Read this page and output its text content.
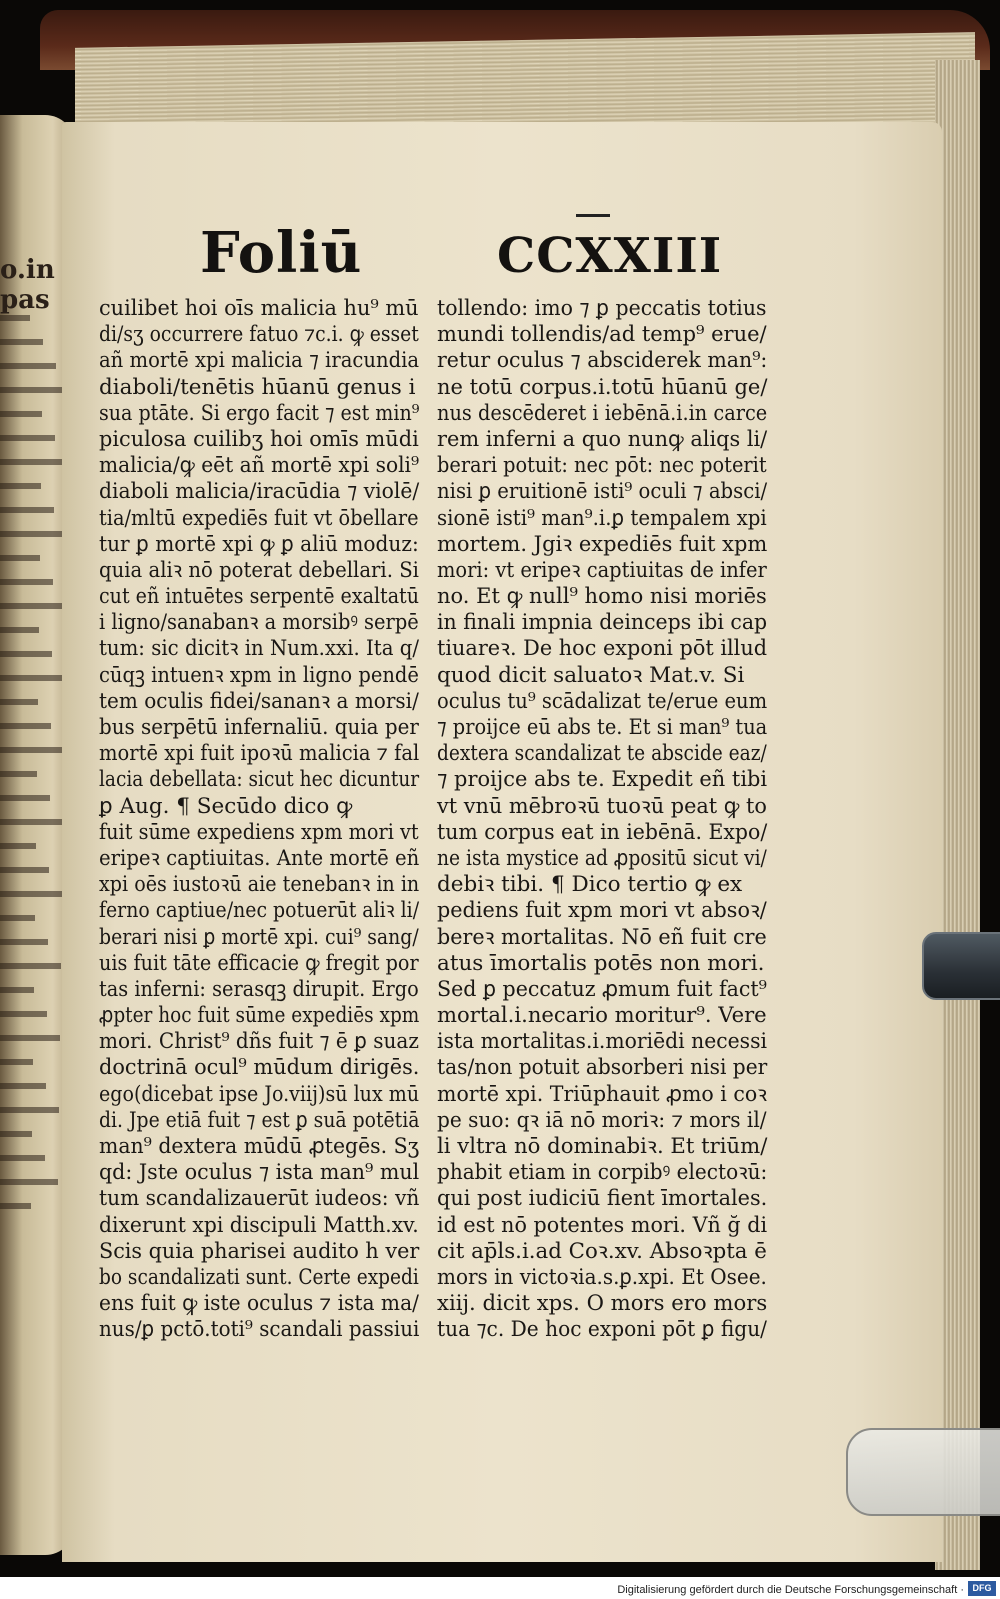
o.in pas
Foliū	CCXXIII
cuilibet hoi oīs malicia hu⁹ mū
di/sʒ occurrere fatuo ⁊c.i. ꝙ esset
añ mortē xpi malicia ⁊ iracundia
diaboli/tenētis hūanū genus i
sua ptāte. Si ergo facit ⁊ est min⁹
piculosa cuilibʒ hoi omīs mūdi
malicia/ꝙ eēt añ mortē xpi soli⁹
diaboli malicia/iracūdia ⁊ violē/
tia/mltū expediēs fuit vt ōbellare
tur ꝑ mortē xpi ꝙ ꝑ aliū moduz:
quia aliꝛ nō poterat debellari. Si
cut eñ intuētes serpentē exaltatū
i ligno/sanabanꝛ a morsibꝰ serpē
tum: sic dicitꝛ in Num.xxi. Ita q/
cūqꝫ intuenꝛ xpm in ligno pendē
tem oculis fidei/sananꝛ a morsi/
bus serpētū infernaliū. quia per
mortē xpi fuit ipoꝛū malicia ⁊ fal
lacia debellata: sicut hec dicuntur
ꝑ Aug. ¶ Secūdo dico ꝙ
fuit sūme expediens xpm mori vt
eripeꝛ captiuitas. Ante mortē eñ
xpi oēs iustoꝛū aie tenebanꝛ in in
ferno captiue/nec potuerūt aliꝛ li/
berari nisi ꝑ mortē xpi. cui⁹ sang/
uis fuit tāte efficacie ꝙ fregit por
tas inferni: serasqꝫ dirupit. Ergo
ꝓpter hoc fuit sūme expediēs xpm
mori. Christ⁹ dñs fuit ⁊ ē ꝑ suaz
doctrinā ocul⁹ mūdum dirigēs.
ego(dicebat ipse Jo.viij)sū lux mū
di. Jpe etiā fuit ⁊ est ꝑ suā potētiā
man⁹ dextera mūdū ꝓtegēs. Sʒ
qd: Jste oculus ⁊ ista man⁹ mul
tum scandalizauerūt iudeos: vñ
dixerunt xpi discipuli Matth.xv.
Scis quia pharisei audito h ver
bo scandalizati sunt. Certe expedi
ens fuit ꝙ iste oculus ⁊ ista ma/
nus/ꝑ pctō.toti⁹ scandali passiui
tollendo: imo ⁊ ꝑ peccatis totius
mundi tollendis/ad temp⁹ erue/
retur oculus ⁊ absciderek man⁹:
ne totū corpus.i.totū hūanū ge/
nus descēderet i iebēnā.i.in carce
rem inferni a quo nunꝙ aliqs li/
berari potuit: nec pōt: nec poterit
nisi ꝑ eruitionē isti⁹ oculi ⁊ absci/
sionē isti⁹ man⁹.i.ꝑ tempalem xpi
mortem. Jgiꝛ expediēs fuit xpm
mori: vt eripeꝛ captiuitas de infer
no. Et ꝙ null⁹ homo nisi moriēs
in finali impnia deinceps ibi cap
tiuareꝛ. De hoc exponi pōt illud
quod dicit saluatoꝛ Mat.v. Si
oculus tu⁹ scādalizat te/erue eum
⁊ proijce eū abs te. Et si man⁹ tua
dextera scandalizat te abscide eaz/
⁊ proijce abs te. Expedit eñ tibi
vt vnū mēbroꝛū tuoꝛū peat ꝙ to
tum corpus eat in iebēnā. Expo/
ne ista mystice ad ꝓpositū sicut vi/
debiꝛ tibi. ¶ Dico tertio ꝙ ex
pediens fuit xpm mori vt absoꝛ/
bereꝛ mortalitas. Nō eñ fuit cre
atus īmortalis potēs non mori.
Sed ꝑ peccatuz ꝓmum fuit fact⁹
mortal.i.necario moritur⁹. Vere
ista mortalitas.i.moriēdi necessi
tas/non potuit absorberi nisi per
mortē xpi. Triūphauit ꝓmo i coꝛ
pe suo: qꝛ iā nō moriꝛ: ⁊ mors il/
li vltra nō dominabiꝛ. Et triūm/
phabit etiam in corpibꝰ electoꝛū:
qui post iudiciū fient īmortales.
id est nō potentes mori. Vñ ğ di
cit ap̄ls.i.ad Coꝛ.xv. Absoꝛpta ē
mors in victoꝛia.s.ꝑ.xpi. Et Osee.
xiij. dicit xps. O mors ero mors
tua ⁊c. De hoc exponi pōt ꝑ figu/
Digitalisierung gefördert durch die Deutsche Forschungsgemeinschaft · DFG
